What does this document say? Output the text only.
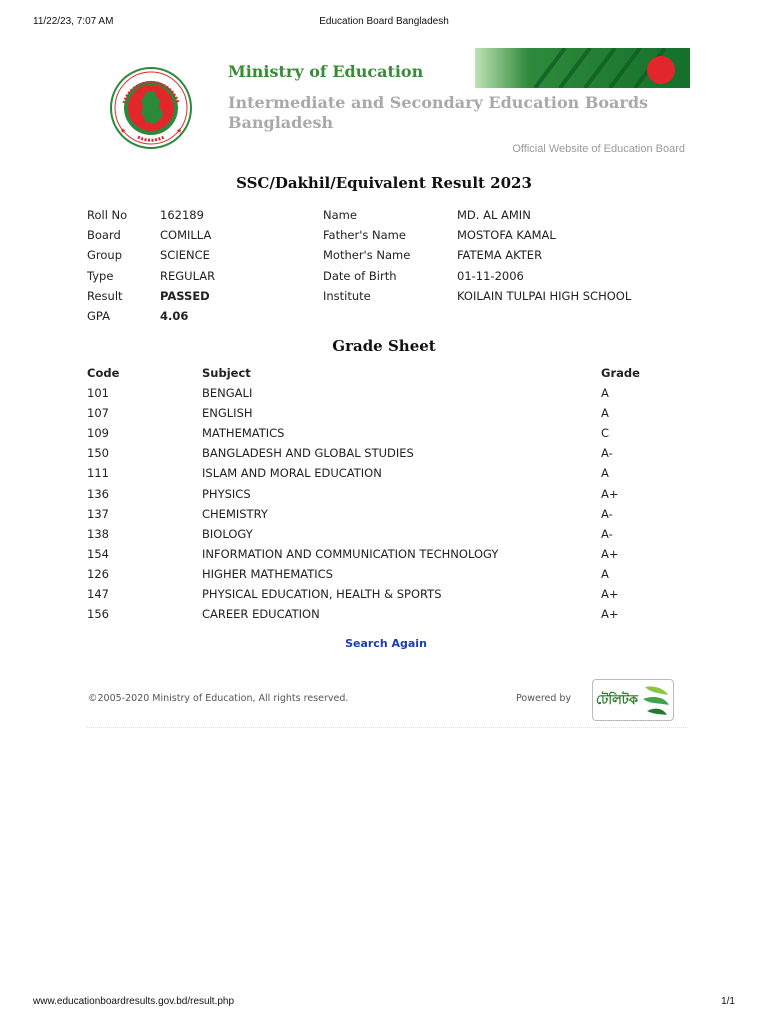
11/22/23, 7:07 AM	Education Board Bangladesh
★	★
Ministry of Education
Intermediate and Secondary Education Boards Bangladesh
Official Website of Education Board
SSC/Dakhil/Equivalent Result 2023
Roll No	162189	Name	MD. AL AMIN
Board	COMILLA	Father's Name	MOSTOFA KAMAL
Group	SCIENCE	Mother's Name	FATEMA AKTER
Type	REGULAR	Date of Birth	01-11-2006
Result	PASSED	Institute	KOILAIN TULPAI HIGH SCHOOL
GPA	4.06
Grade Sheet
Code	Subject	Grade
101	BENGALI	A
107	ENGLISH	A
109	MATHEMATICS	C
150	BANGLADESH AND GLOBAL STUDIES	A-
111	ISLAM AND MORAL EDUCATION	A
136	PHYSICS	A+
137	CHEMISTRY	A-
138	BIOLOGY	A-
154	INFORMATION AND COMMUNICATION TECHNOLOGY	A+
126	HIGHER MATHEMATICS	A
147	PHYSICAL EDUCATION, HEALTH & SPORTS	A+
156	CAREER EDUCATION	A+
Search Again
©2005-2020 Ministry of Education, All rights reserved.	Powered by টেলিটক
www.educationboardresults.gov.bd/result.php	1/1
